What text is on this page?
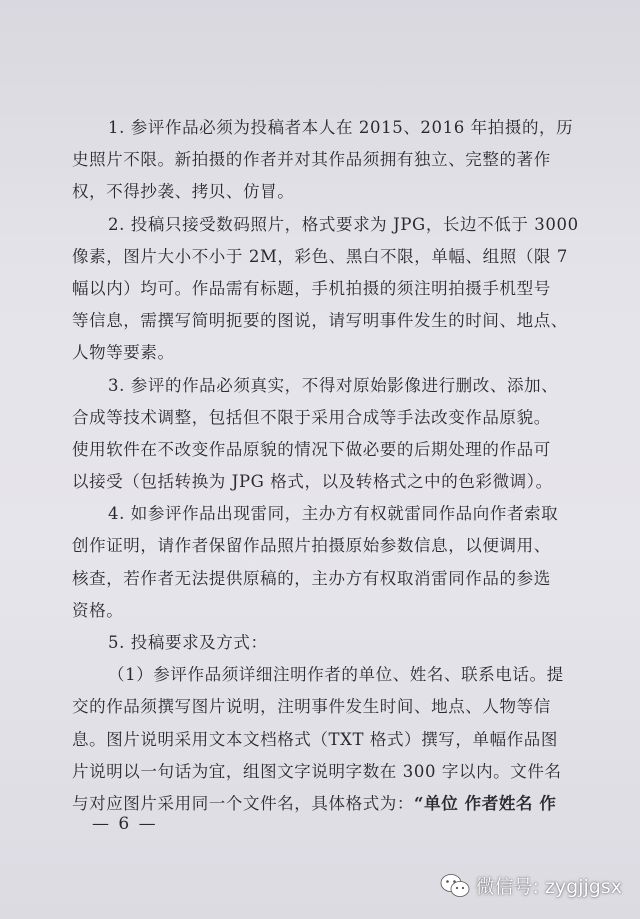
1. 参评作品必须为投稿者本人在 2015、2016 年拍摄的，历
史照片不限。新拍摄的作者并对其作品须拥有独立、完整的著作
权，不得抄袭、拷贝、仿冒。
2. 投稿只接受数码照片，格式要求为 JPG，长边不低于 3000
像素，图片大小不小于 2M，彩色、黑白不限，单幅、组照（限 7
幅以内）均可。作品需有标题，手机拍摄的须注明拍摄手机型号
等信息，需撰写简明扼要的图说，请写明事件发生的时间、地点、
人物等要素。
3. 参评的作品必须真实，不得对原始影像进行删改、添加、
合成等技术调整，包括但不限于采用合成等手法改变作品原貌。
使用软件在不改变作品原貌的情况下做必要的后期处理的作品可
以接受（包括转换为 JPG 格式，以及转格式之中的色彩微调）。
4. 如参评作品出现雷同，主办方有权就雷同作品向作者索取
创作证明，请作者保留作品照片拍摄原始参数信息，以便调用、
核查，若作者无法提供原稿的，主办方有权取消雷同作品的参选
资格。
5. 投稿要求及方式：
（1）参评作品须详细注明作者的单位、姓名、联系电话。提
交的作品须撰写图片说明，注明事件发生时间、地点、人物等信
息。图片说明采用文本文档格式（TXT 格式）撰写，单幅作品图
片说明以一句话为宜，组图文字说明字数在 300 字以内。文件名
与对应图片采用同一个文件名，具体格式为：“单位 作者姓名 作
— 6 —
微信号: zygjjgsx
